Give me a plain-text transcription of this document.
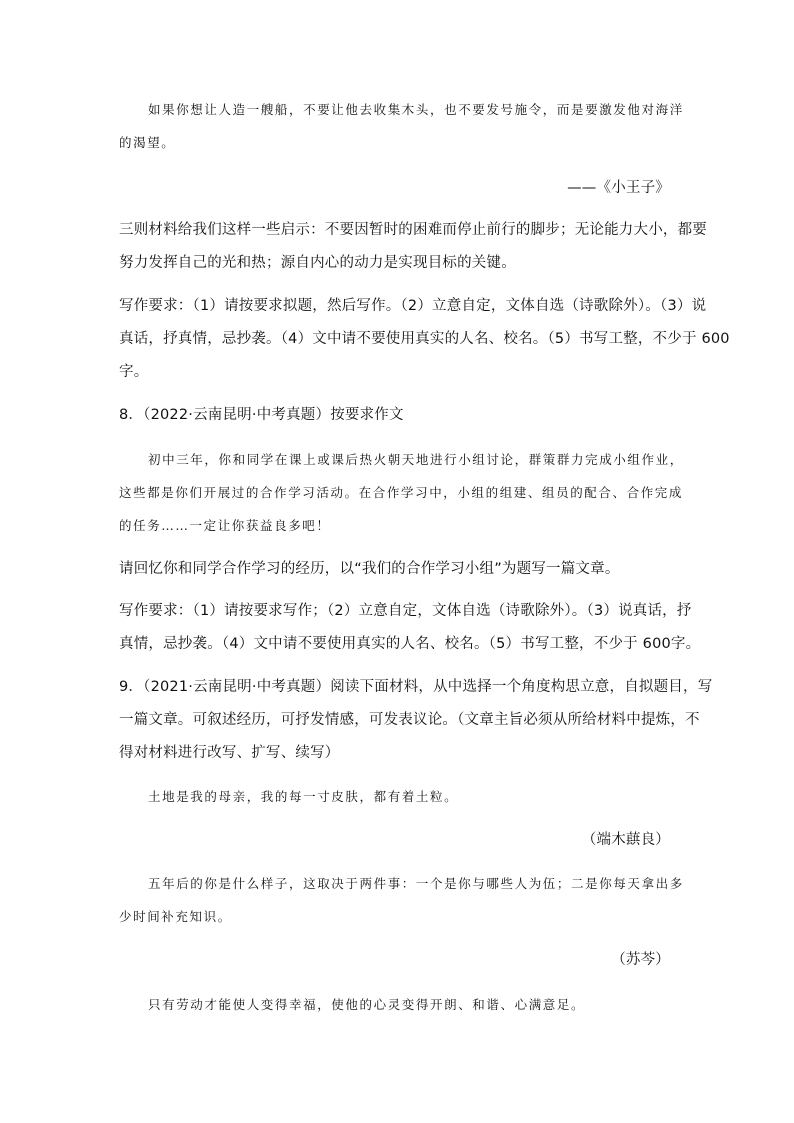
如果你想让人造一艘船，不要让他去收集木头，也不要发号施令，而是要激发他对海洋
的渴望。
——《小王子》
三则材料给我们这样一些启示：不要因暂时的困难而停止前行的脚步；无论能力大小，都要
努力发挥自己的光和热；源自内心的动力是实现目标的关键。
写作要求：（1）请按要求拟题，然后写作。（2）立意自定，文体自选（诗歌除外）。（3）说
真话，抒真情，忌抄袭。（4）文中请不要使用真实的人名、校名。（5）书写工整，不少于 600
字。
8．（2022·云南昆明·中考真题）按要求作文
初中三年，你和同学在课上或课后热火朝天地进行小组讨论，群策群力完成小组作业，
这些都是你们开展过的合作学习活动。在合作学习中，小组的组建、组员的配合、合作完成
的任务……一定让你获益良多吧！
请回忆你和同学合作学习的经历，以“我们的合作学习小组”为题写一篇文章。
写作要求：（1）请按要求写作；（2）立意自定，文体自选（诗歌除外）。（3）说真话，抒
真情，忌抄袭。（4）文中请不要使用真实的人名、校名。（5）书写工整，不少于 600字。
9．（2021·云南昆明·中考真题）阅读下面材料，从中选择一个角度构思立意，自拟题目，写
一篇文章。可叙述经历，可抒发情感，可发表议论。（文章主旨必须从所给材料中提炼，不
得对材料进行改写、扩写、续写）
土地是我的母亲，我的每一寸皮肤，都有着土粒。
（端木蕻良）
五年后的你是什么样子，这取决于两件事：一个是你与哪些人为伍；二是你每天拿出多
少时间补充知识。
（苏芩）
只有劳动才能使人变得幸福，使他的心灵变得开朗、和谐、心满意足。
